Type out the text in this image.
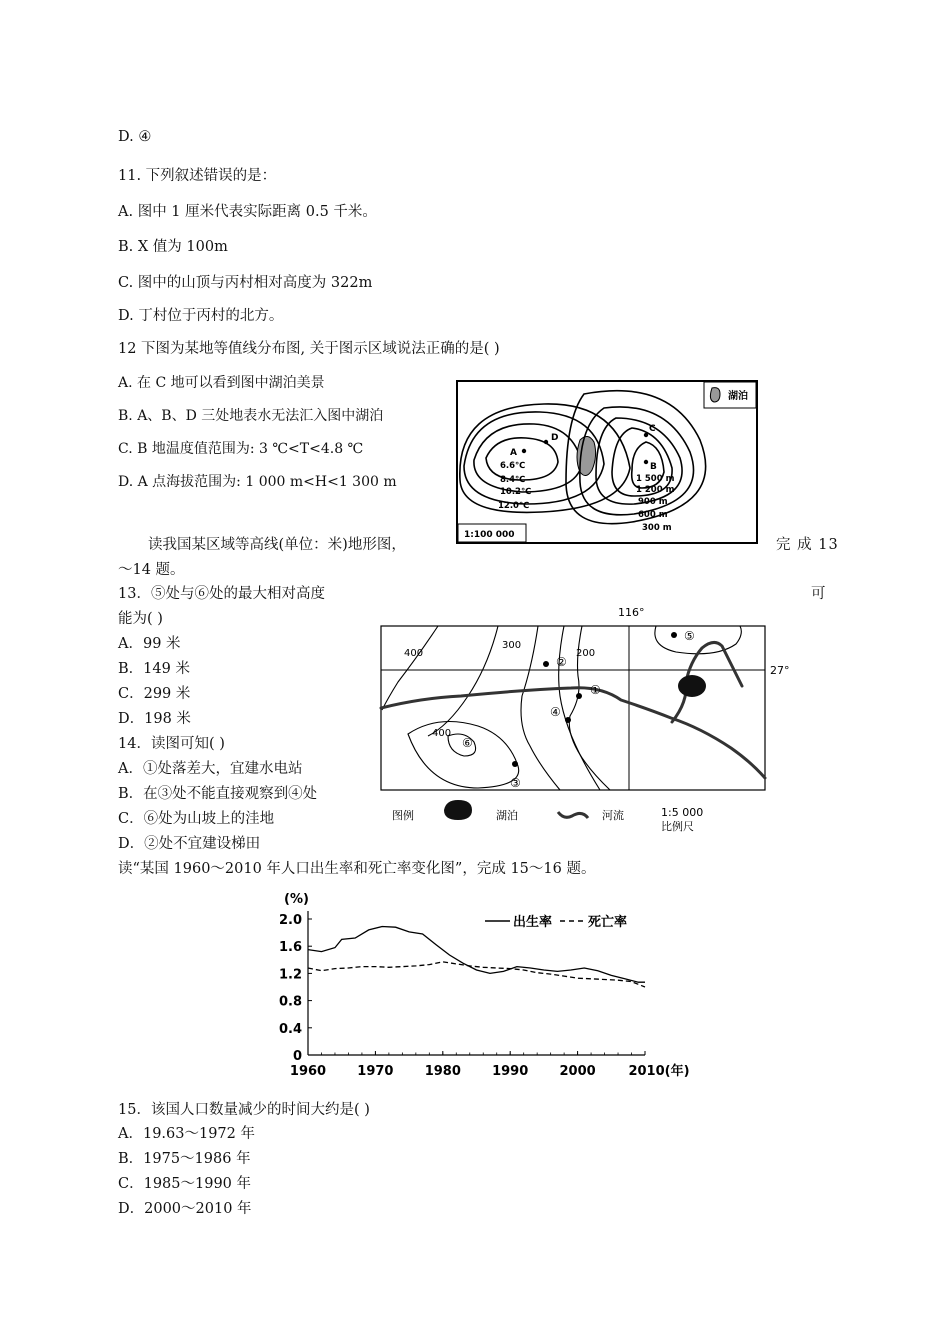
D. ④
11. 下列叙述错误的是：
A. 图中 1 厘米代表实际距离 0.5 千米。
B. X 值为 100m
C. 图中的山顶与丙村相对高度为 322m
D. 丁村位于丙村的北方。
12 下图为某地等值线分布图, 关于图示区域说法正确的是( )
A. 在 C 地可以看到图中湖泊美景
B. A、B、D 三处地表水无法汇入图中湖泊
C. B 地温度值范围为: 3 ℃<T<4.8 ℃
D. A 点海拔范围为: 1 000 m<H<1 300 m
湖泊
A
D
C
B
6.6℃
8.4℃
10.2℃
12.0℃
1 500 m
1 200 m
900 m
600 m
300 m
1:100 000
读我国某区域等高线(单位：米)地形图，	完 成 13
～14 题。
13．⑤处与⑥处的最大相对高度	可
能为( )
A．99 米
B．149 米
C．299 米
D．198 米
14．读图可知( )
A．①处落差大，宜建水电站
B．在③处不能直接观察到④处
C．⑥处为山坡上的洼地
D．②处不宜建设梯田
116°
27°
400
300
200
400
②
①
④
⑤
⑥
③
图例	湖泊	河流	1:5 000
比例尺
读“某国 1960～2010 年人口出生率和死亡率变化图”，完成 15～16 题。
0
0.4
0.8
1.2
1.6
2.0
1960 1970 1980 1990 2000	2010(年)
(%)
出生率	死亡率
15．该国人口数量减少的时间大约是( )
A．19.63～1972 年
B．1975～1986 年
C．1985～1990 年
D．2000～2010 年
